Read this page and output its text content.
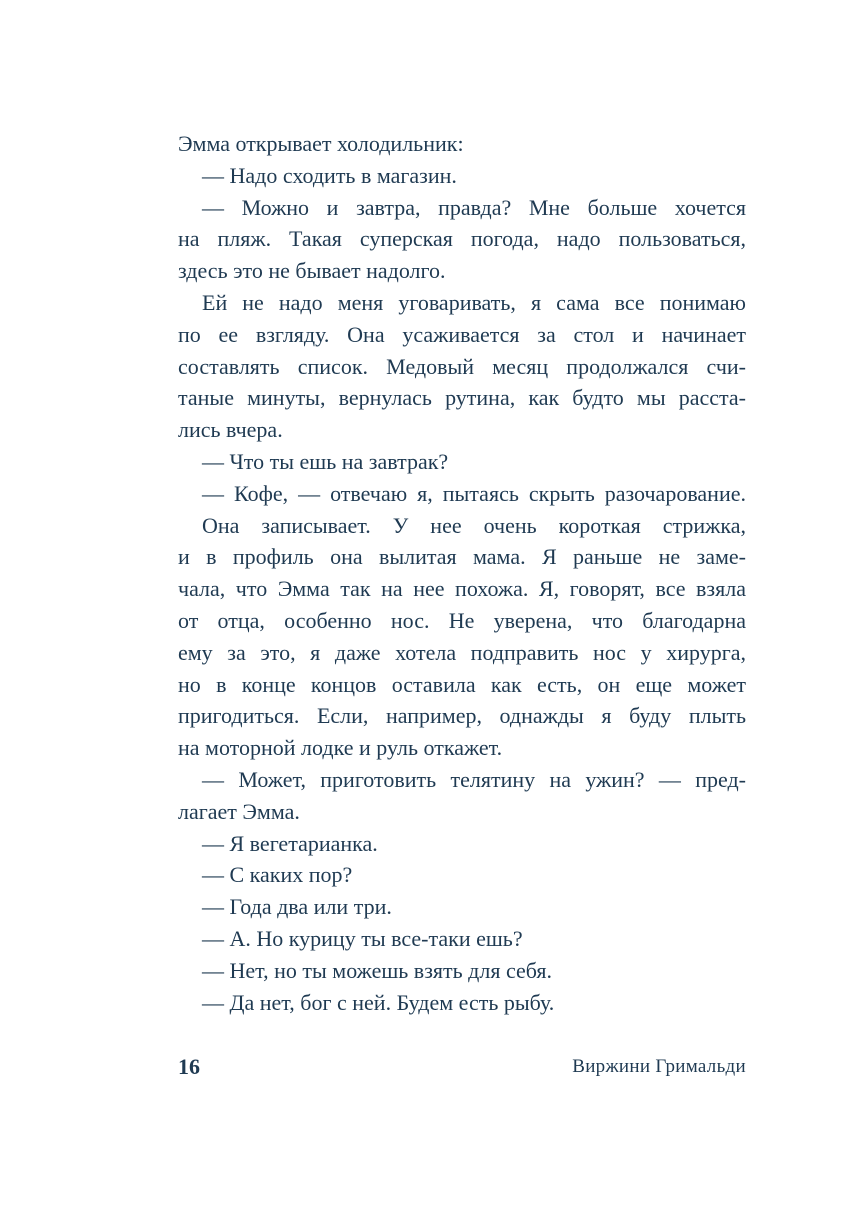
Эмма открывает холодильник:
— Надо сходить в магазин.
— Можно и завтра, правда? Мне больше хочется
на пляж. Такая суперская погода, надо пользоваться,
здесь это не бывает надолго.
Ей не надо меня уговаривать, я сама все понимаю
по ее взгляду. Она усаживается за стол и начинает
составлять список. Медовый месяц продолжался счи-
таные минуты, вернулась рутина, как будто мы расста-
лись вчера.
— Что ты ешь на завтрак?
— Кофе, — отвечаю я, пытаясь скрыть разочарование.
Она записывает. У нее очень короткая стрижка,
и в профиль она вылитая мама. Я раньше не заме-
чала, что Эмма так на нее похожа. Я, говорят, все взяла
от отца, особенно нос. Не уверена, что благодарна
ему за это, я даже хотела подправить нос у хирурга,
но в конце концов оставила как есть, он еще может
пригодиться. Если, например, однажды я буду плыть
на моторной лодке и руль откажет.
— Может, приготовить телятину на ужин? — пред-
лагает Эмма.
— Я вегетарианка.
— С каких пор?
— Года два или три.
— А. Но курицу ты все-таки ешь?
— Нет, но ты можешь взять для себя.
— Да нет, бог с ней. Будем есть рыбу.
16	Виржини Гримальди
